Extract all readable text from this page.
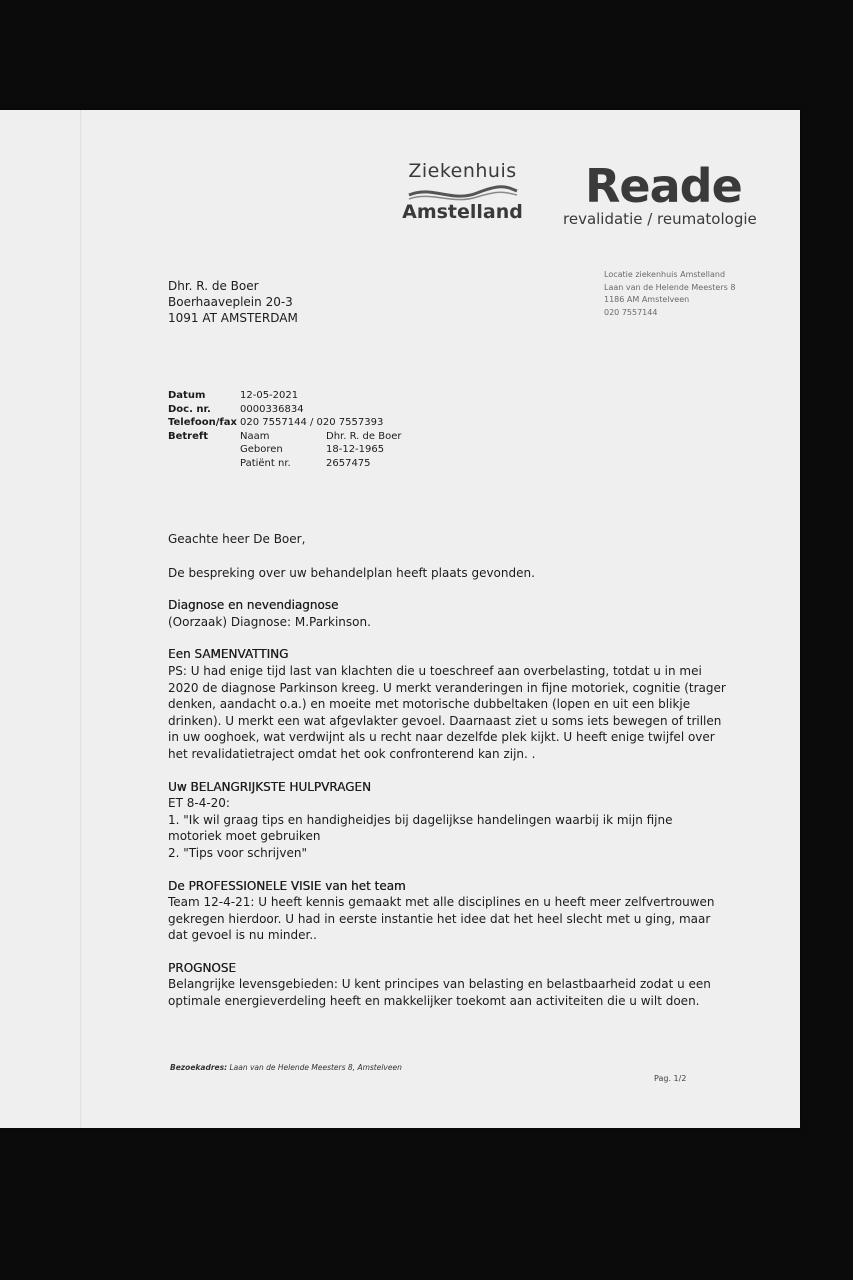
Ziekenhuis
Amstelland Reade
revalidatie / reumatologie
Locatie ziekenhuis Amstelland
Laan van de Helende Meesters 8
1186 AM Amstelveen
020 7557144
Dhr. R. de Boer
Boerhaaveplein 20-3
1091 AT AMSTERDAM
Datum	12-05-2021
Doc. nr.	0000336834
Telefoon/fax 020 7557144 / 020 7557393
Betreft	Naam	Dhr. R. de Boer
Geboren	18-12-1965
Patiënt nr.	2657475

Geachte heer De Boer,

De bespreking over uw behandelplan heeft plaats gevonden.

Diagnose en nevendiagnose

(Oorzaak) Diagnose: M.Parkinson.

Een SAMENVATTING

PS: U had enige tijd last van klachten die u toeschreef aan overbelasting, totdat u in mei 2020 de diagnose Parkinson kreeg. U merkt veranderingen in fijne motoriek, cognitie (trager denken, aandacht o.a.) en moeite met motorische dubbeltaken (lopen en uit een blikje drinken). U merkt een wat afgevlakter gevoel. Daarnaast ziet u soms iets bewegen of trillen in uw ooghoek, wat verdwijnt als u recht naar dezelfde plek kijkt. U heeft enige twijfel over het revalidatietraject omdat het ook confronterend kan zijn. .

Uw BELANGRIJKSTE HULPVRAGEN
ET 8-4-20:
1. "Ik wil graag tips en handigheidjes bij dagelijkse handelingen waarbij ik mijn fijne motoriek moet gebruiken
2. "Tips voor schrijven"
De PROFESSIONELE VISIE van het team

Team 12-4-21: U heeft kennis gemaakt met alle disciplines en u heeft meer zelfvertrouwen gekregen hierdoor. U had in eerste instantie het idee dat het heel slecht met u ging, maar dat gevoel is nu minder..

PROGNOSE

Belangrijke levensgebieden: U kent principes van belasting en belastbaarheid zodat u een optimale energieverdeling heeft en makkelijker toekomt aan activiteiten die u wilt doen.

Bezoekadres: Laan van de Helende Meesters 8, Amstelveen
Pag. 1/2
